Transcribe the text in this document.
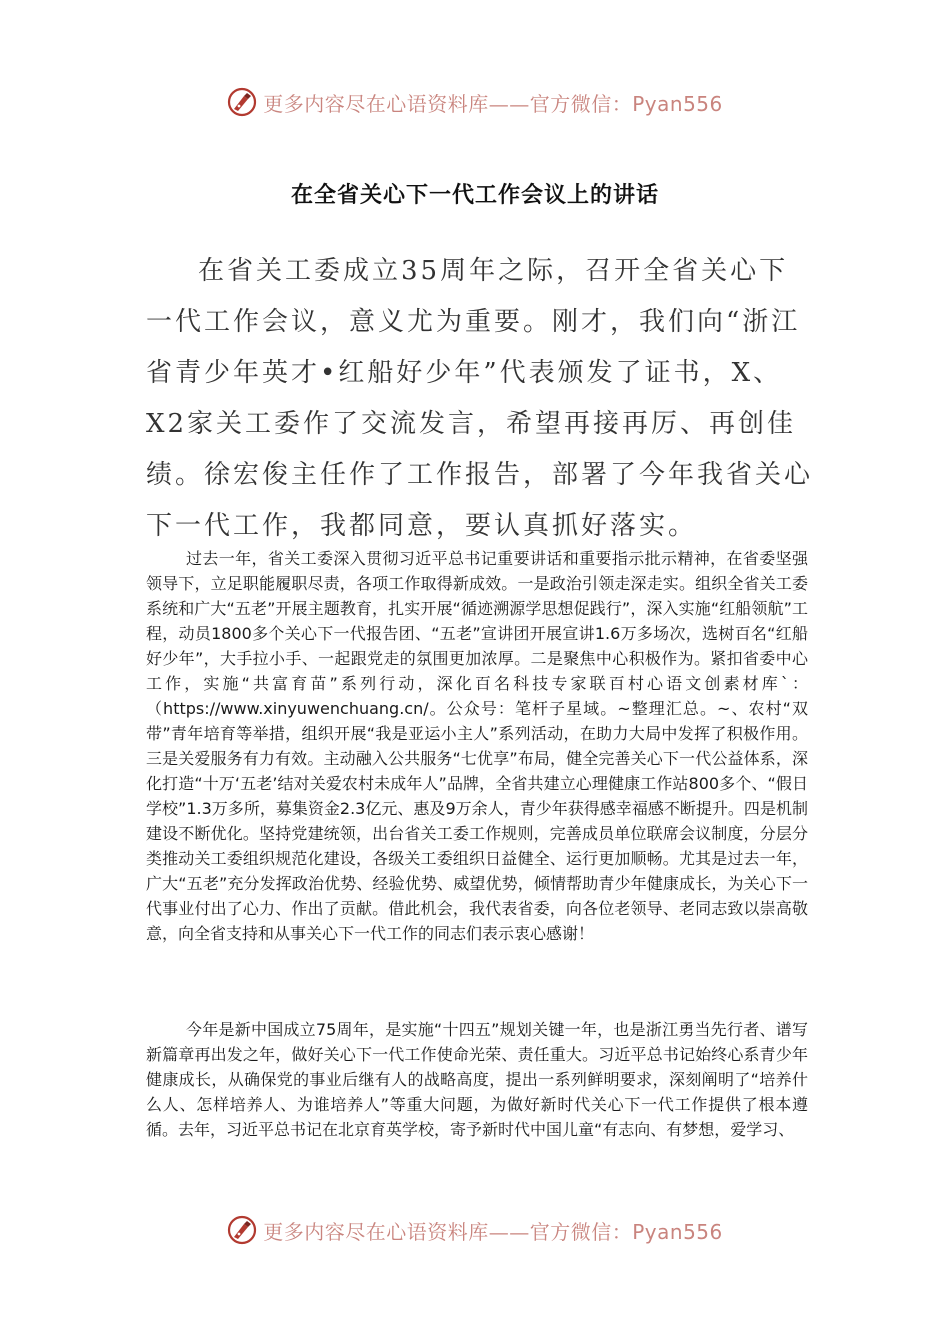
更多内容尽在心语资料库——官方微信：Pyan556
在全省关心下一代工作会议上的讲话

在省关工委成立35周年之际，召开全省关心下一代工作会议，意义尤为重要。刚才，我们向“浙江省青少年英才•红船好少年”代表颁发了证书，X、X2家关工委作了交流发言，希望再接再厉、再创佳绩。徐宏俊主任作了工作报告，部署了今年我省关心下一代工作，我都同意，要认真抓好落实。

过去一年，省关工委深入贯彻习近平总书记重要讲话和重要指示批示精神，在省委坚强领导下，立足职能履职尽责，各项工作取得新成效。一是政治引领走深走实。组织全省关工委系统和广大“五老”开展主题教育，扎实开展“循迹溯源学思想促践行”，深入实施“红船领航”工程，动员1800多个关心下一代报告团、“五老”宣讲团开展宣讲1.6万多场次，选树百名“红船好少年”，大手拉小手、一起跟党走的氛围更加浓厚。二是聚焦中心积极作为。紧扣省委中心工作，实施“共富育苗”系列行动，深化百名科技专家联百村心语文创素材库`：（https://www.xinyuwenchuang.cn/。公众号：笔杆子星域。~整理汇总。~、农村“双带”青年培育等举措，组织开展“我是亚运小主人”系列活动，在助力大局中发挥了积极作用。三是关爱服务有力有效。主动融入公共服务“七优享”布局，健全完善关心下一代公益体系，深化打造“十万‘五老’结对关爱农村未成年人”品牌，全省共建立心理健康工作站800多个、“假日学校”1.3万多所，募集资金2.3亿元、惠及9万余人，青少年获得感幸福感不断提升。四是机制建设不断优化。坚持党建统领，出台省关工委工作规则，完善成员单位联席会议制度，分层分类推动关工委组织规范化建设，各级关工委组织日益健全、运行更加顺畅。尤其是过去一年，广大“五老”充分发挥政治优势、经验优势、威望优势，倾情帮助青少年健康成长，为关心下一代事业付出了心力、作出了贡献。借此机会，我代表省委，向各位老领导、老同志致以崇高敬意，向全省支持和从事关心下一代工作的同志们表示衷心感谢！

今年是新中国成立75周年，是实施“十四五”规划关键一年，也是浙江勇当先行者、谱写新篇章再出发之年，做好关心下一代工作使命光荣、责任重大。习近平总书记始终心系青少年健康成长，从确保党的事业后继有人的战略高度，提出一系列鲜明要求，深刻阐明了“培养什么人、怎样培养人、为谁培养人”等重大问题，为做好新时代关心下一代工作提供了根本遵循。去年，习近平总书记在北京育英学校，寄予新时代中国儿童“有志向、有梦想，爱学习、

更多内容尽在心语资料库——官方微信：Pyan556
